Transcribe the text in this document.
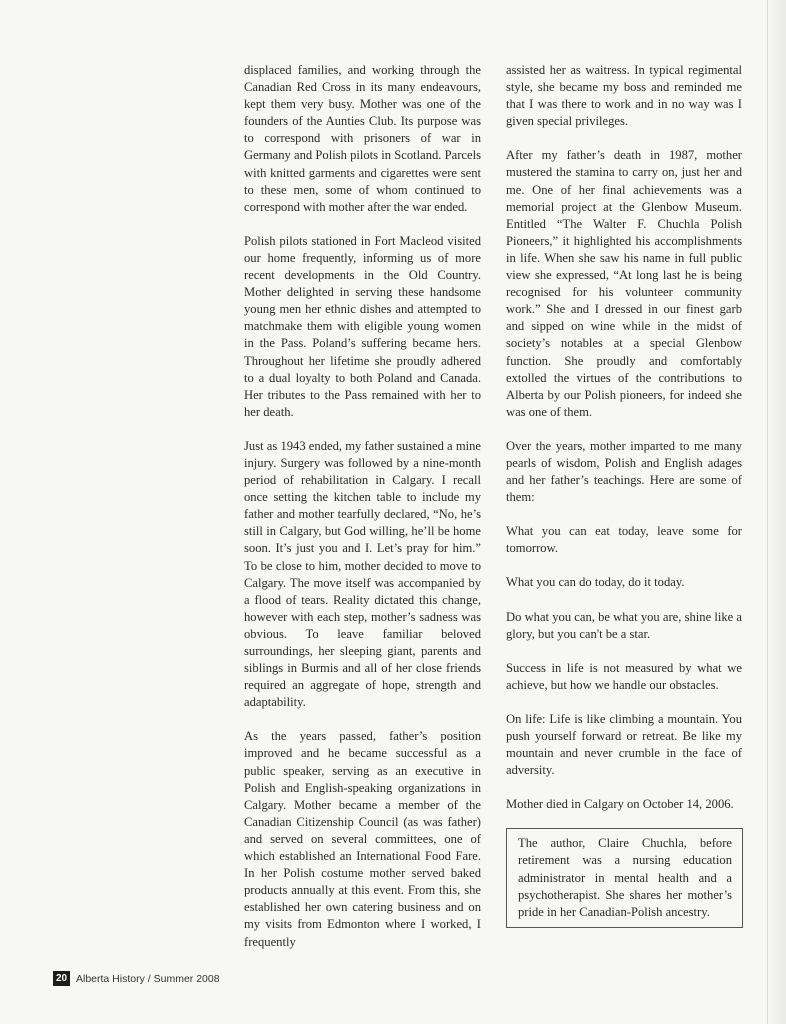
displaced families, and working through the Canadian Red Cross in its many endeavours, kept them very busy. Mother was one of the founders of the Aunties Club. Its purpose was to correspond with prisoners of war in Germany and Polish pilots in Scotland. Parcels with knitted garments and cigarettes were sent to these men, some of whom continued to correspond with mother after the war ended.

Polish pilots stationed in Fort Macleod visited our home frequently, informing us of more recent developments in the Old Country. Mother delighted in serving these handsome young men her ethnic dishes and attempted to matchmake them with eligible young women in the Pass. Poland’s suffering became hers. Throughout her lifetime she proudly adhered to a dual loyalty to both Poland and Canada. Her tributes to the Pass remained with her to her death.

Just as 1943 ended, my father sustained a mine injury. Surgery was followed by a nine-month period of rehabilitation in Calgary. I recall once setting the kitchen table to include my father and mother tearfully declared, “No, he’s still in Calgary, but God willing, he’ll be home soon. It’s just you and I. Let’s pray for him.” To be close to him, mother decided to move to Calgary. The move itself was accompanied by a flood of tears. Reality dictated this change, however with each step, mother’s sadness was obvious. To leave familiar beloved surroundings, her sleeping giant, parents and siblings in Burmis and all of her close friends required an aggregate of hope, strength and adaptability.

As the years passed, father’s position improved and he became successful as a public speaker, serving as an executive in Polish and English-speaking organizations in Calgary. Mother became a member of the Canadian Citizenship Council (as was father) and served on several committees, one of which established an International Food Fare. In her Polish costume mother served baked products annually at this event. From this, she established her own catering business and on my visits from Edmonton where I worked, I frequently

assisted her as waitress. In typical regimental style, she became my boss and reminded me that I was there to work and in no way was I given special privileges.

After my father’s death in 1987, mother mustered the stamina to carry on, just her and me. One of her final achievements was a memorial project at the Glenbow Museum. Entitled “The Walter F. Chuchla Polish Pioneers,” it highlighted his accomplishments in life. When she saw his name in full public view she expressed, “At long last he is being recognised for his volunteer community work.” She and I dressed in our finest garb and sipped on wine while in the midst of society’s notables at a special Glenbow function. She proudly and comfortably extolled the virtues of the contributions to Alberta by our Polish pioneers, for indeed she was one of them.

Over the years, mother imparted to me many pearls of wisdom, Polish and English adages and her father’s teachings. Here are some of them:

What you can eat today, leave some for tomorrow.

What you can do today, do it today.

Do what you can, be what you are, shine like a glory, but you can't be a star.

Success in life is not measured by what we achieve, but how we handle our obstacles.

On life: Life is like climbing a mountain. You push yourself forward or retreat. Be like my mountain and never crumble in the face of adversity.

Mother died in Calgary on October 14, 2006.

The author, Claire Chuchla, before retirement was a nursing education administrator in mental health and a psychotherapist. She shares her mother’s pride in her Canadian-Polish ancestry.
20 Alberta History / Summer 2008
